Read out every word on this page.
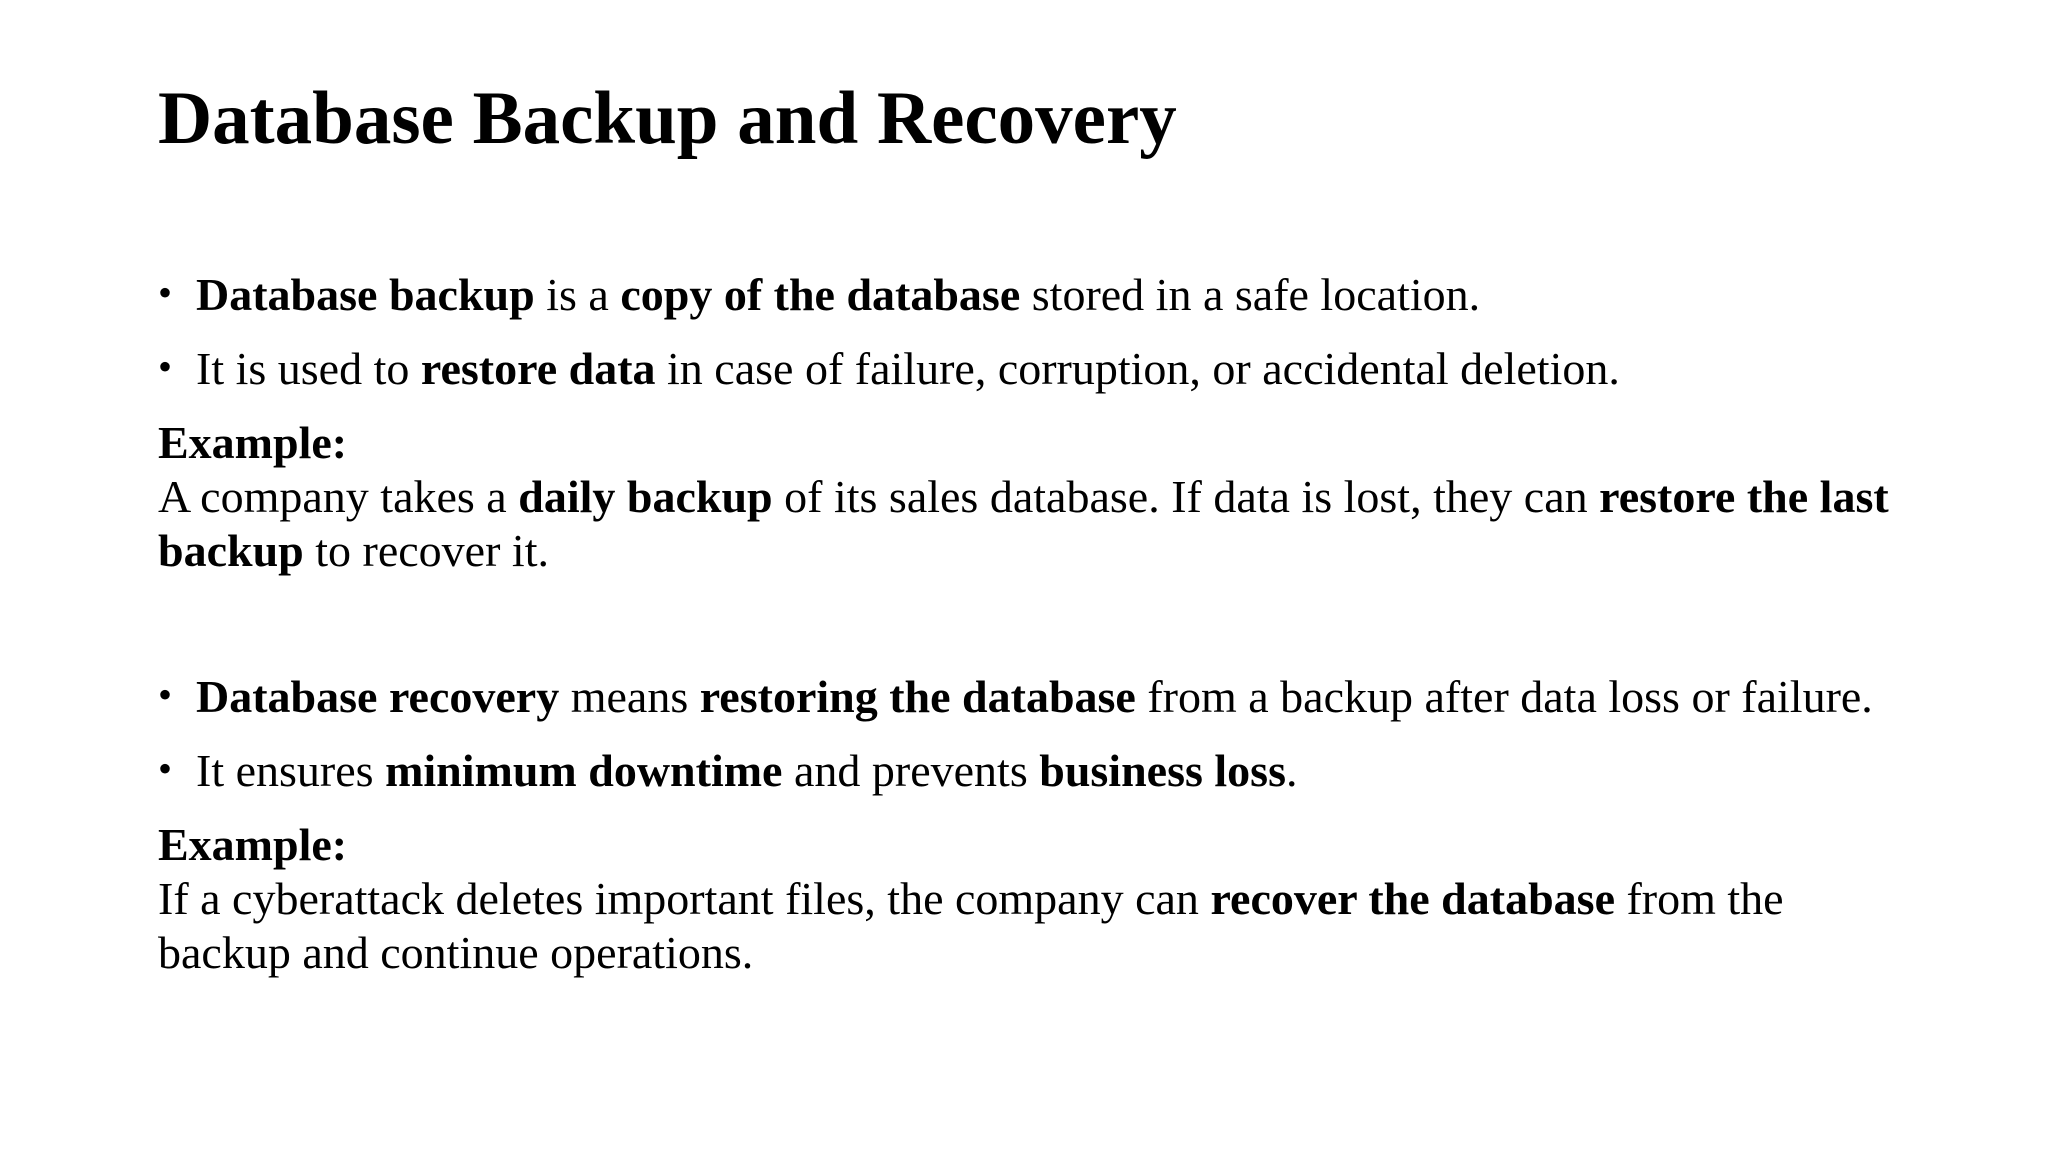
Database Backup and Recovery

• Database backup is a copy of the database stored in a safe location.

• It is used to restore data in case of failure, corruption, or accidental deletion.

Example:

A company takes a daily backup of its sales database. If data is lost, they can restore the last backup to recover it.

• Database recovery means restoring the database from a backup after data loss or failure.

• It ensures minimum downtime and prevents business loss.

Example:

If a cyberattack deletes important files, the company can recover the database from the backup and continue operations.
